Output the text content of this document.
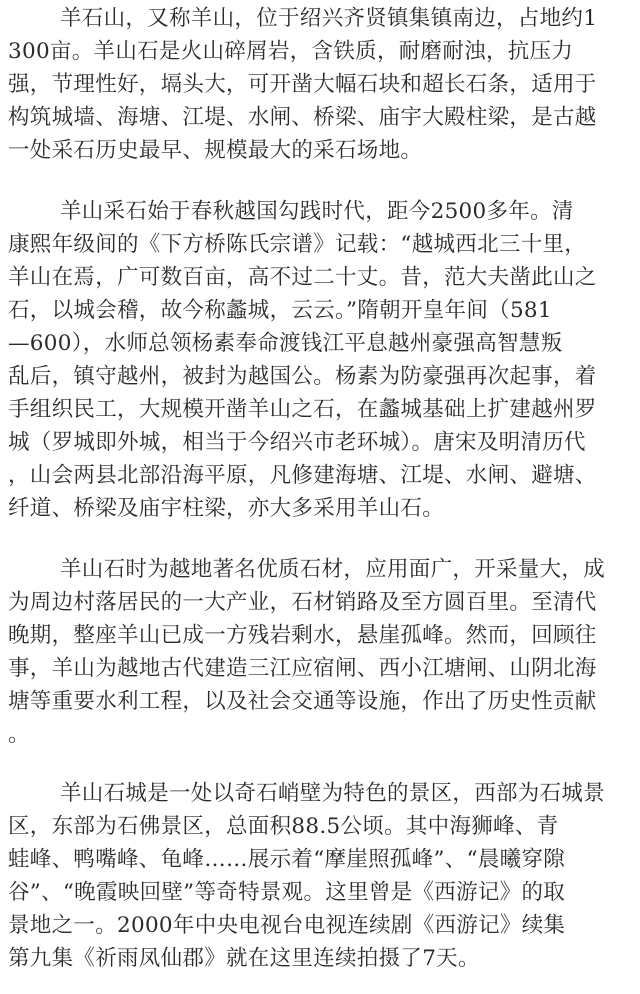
羊石山，又称羊山，位于绍兴齐贤镇集镇南边，占地约1
300亩。羊山石是火山碎屑岩，含铁质，耐磨耐浊，抗压力
强，节理性好，塥头大，可开凿大幅石块和超长石条，适用于
构筑城墙、海塘、江堤、水闸、桥梁、庙宇大殿柱梁，是古越
一处采石历史最早、规模最大的采石场地。
羊山采石始于春秋越国勾践时代，距今2500多年。清
康熙年级间的《下方桥陈氏宗谱》记载：“越城西北三十里，
羊山在焉，广可数百亩，高不过二十丈。昔，范大夫凿此山之
石，以城会稽，故今称蠡城，云云。”隋朝开皇年间（581
—600），水师总领杨素奉命渡钱江平息越州豪强高智慧叛
乱后，镇守越州，被封为越国公。杨素为防豪强再次起事，着
手组织民工，大规模开凿羊山之石，在蠡城基础上扩建越州罗
城（罗城即外城，相当于今绍兴市老环城）。唐宋及明清历代
，山会两县北部沿海平原，凡修建海塘、江堤、水闸、避塘、
纤道、桥梁及庙宇柱梁，亦大多采用羊山石。
羊山石时为越地著名优质石材，应用面广，开采量大，成
为周边村落居民的一大产业，石材销路及至方圆百里。至清代
晚期，整座羊山已成一方残岩剩水，悬崖孤峰。然而，回顾往
事，羊山为越地古代建造三江应宿闸、西小江塘闸、山阴北海
塘等重要水利工程，以及社会交通等设施，作出了历史性贡献
。
羊山石城是一处以奇石峭壁为特色的景区，西部为石城景
区，东部为石佛景区，总面积88.5公顷。其中海狮峰、青
蛙峰、鸭嘴峰、龟峰……展示着“摩崖照孤峰”、“晨曦穿隙
谷”、“晚霞映回壁”等奇特景观。这里曾是《西游记》的取
景地之一。2000年中央电视台电视连续剧《西游记》续集
第九集《祈雨凤仙郡》就在这里连续拍摄了7天。
